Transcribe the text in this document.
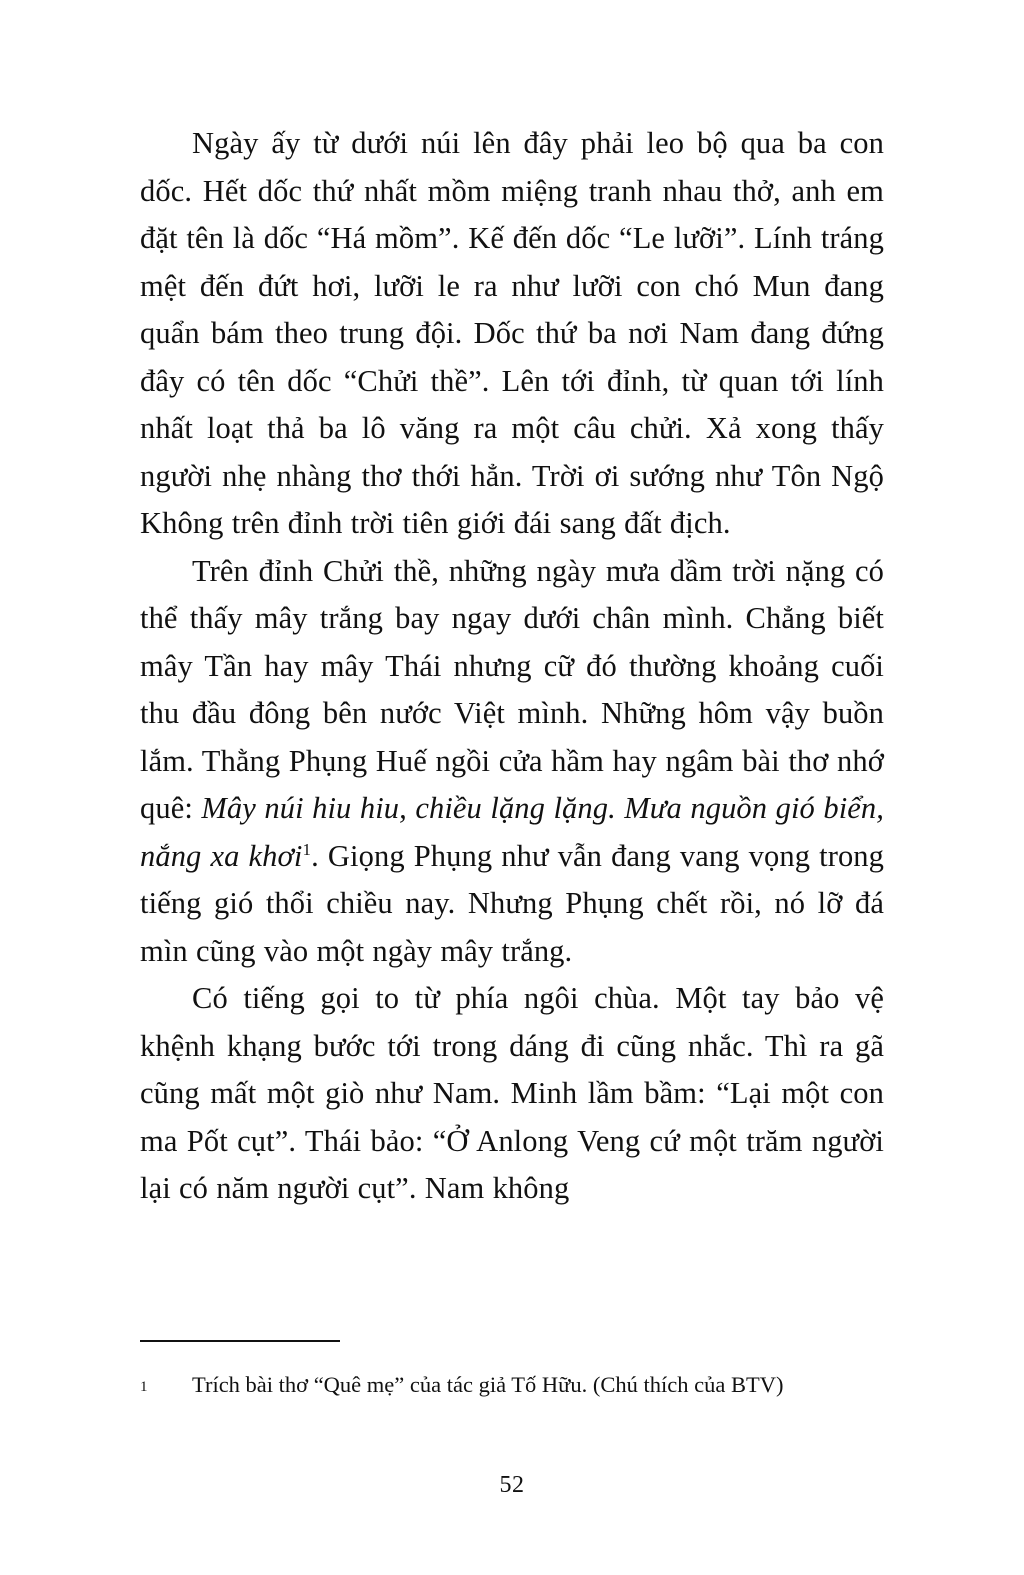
Ngày ấy từ dưới núi lên đây phải leo bộ qua ba con dốc. Hết dốc thứ nhất mồm miệng tranh nhau thở, anh em đặt tên là dốc “Há mồm”. Kế đến dốc “Le lưỡi”. Lính tráng mệt đến đứt hơi, lưỡi le ra như lưỡi con chó Mun đang quẩn bám theo trung đội. Dốc thứ ba nơi Nam đang đứng đây có tên dốc “Chửi thề”. Lên tới đỉnh, từ quan tới lính nhất loạt thả ba lô văng ra một câu chửi. Xả xong thấy người nhẹ nhàng thơ thới hẳn. Trời ơi sướng như Tôn Ngộ Không trên đỉnh trời tiên giới đái sang đất địch.

Trên đỉnh Chửi thề, những ngày mưa dầm trời nặng có thể thấy mây trắng bay ngay dưới chân mình. Chẳng biết mây Tần hay mây Thái nhưng cữ đó thường khoảng cuối thu đầu đông bên nước Việt mình. Những hôm vậy buồn lắm. Thằng Phụng Huế ngồi cửa hầm hay ngâm bài thơ nhớ quê: Mây núi hiu hiu, chiều lặng lặng. Mưa nguồn gió biển, nắng xa khơi$^1$. Giọng Phụng như vẫn đang vang vọng trong tiếng gió thổi chiều nay. Nhưng Phụng chết rồi, nó lỡ đá mìn cũng vào một ngày mây trắng.

Có tiếng gọi to từ phía ngôi chùa. Một tay bảo vệ khệnh khạng bước tới trong dáng đi cũng nhắc. Thì ra gã cũng mất một giò như Nam. Minh lầm bầm: “Lại một con ma Pốt cụt”. Thái bảo: “Ở Anlong Veng cứ một trăm người lại có năm người cụt”. Nam không

1	Trích bài thơ “Quê mẹ” của tác giả Tố Hữu. (Chú thích của BTV)
52
